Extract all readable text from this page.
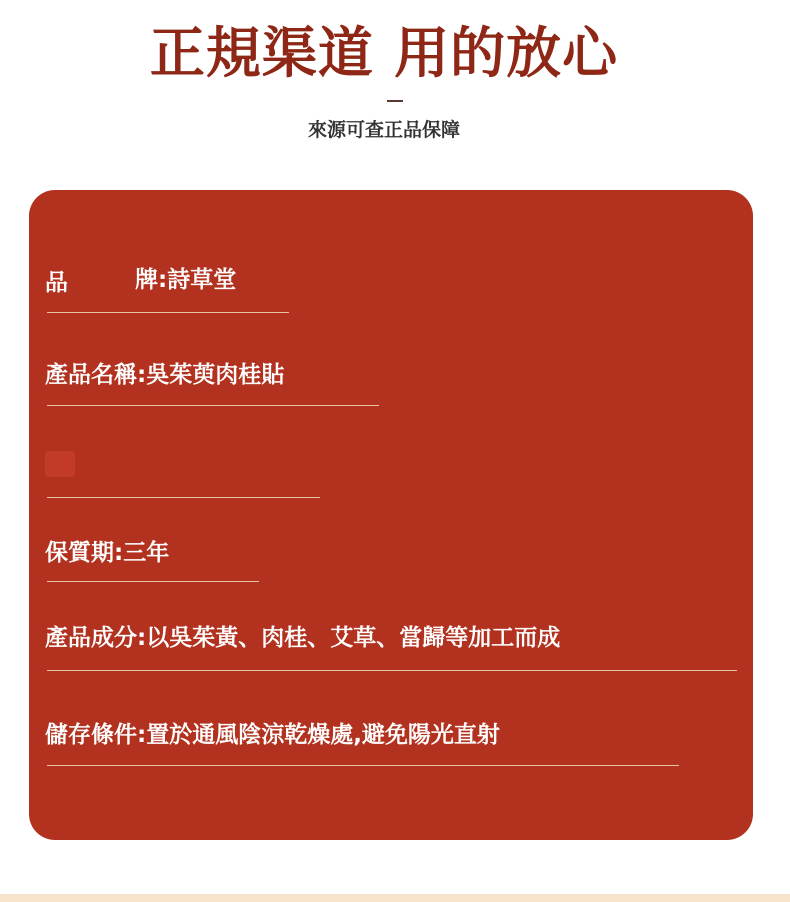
正規渠道 用的放心
來源可查正品保障
品	牌:詩草堂
產品名稱:吳茱萸肉桂貼
保質期:三年
產品成分:以吳茱黃、肉桂、艾草、當歸等加工而成
儲存條件:置於通風陰涼乾燥處,避免陽光直射
